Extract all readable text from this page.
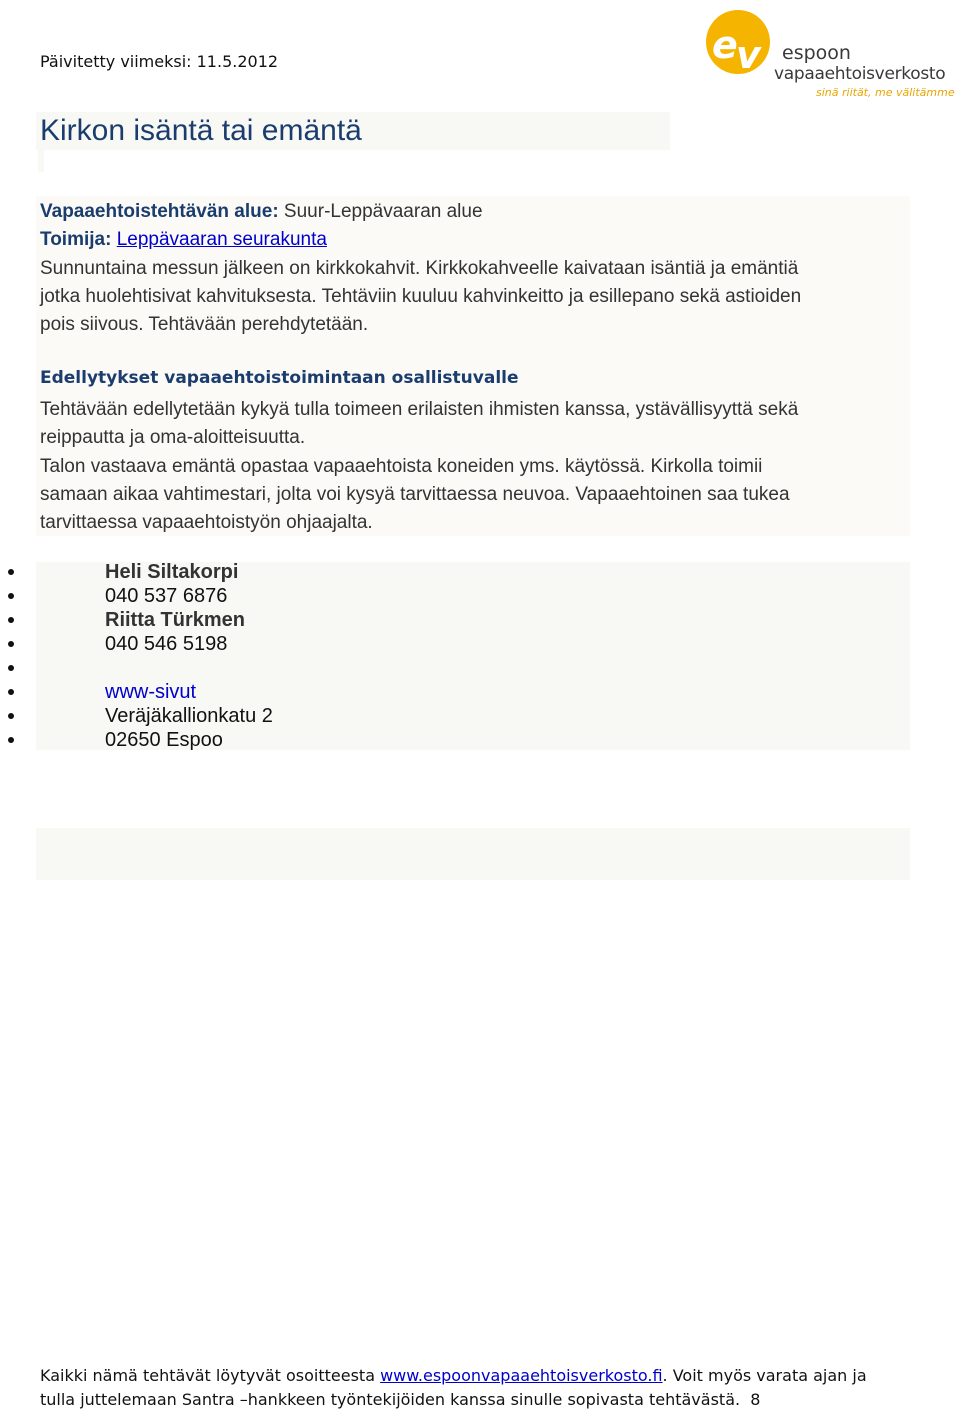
Päivitetty viimeksi: 11.5.2012	e
v espoon
vapaaehtoisverkosto
sinä riität, me välitämme
Kirkon isäntä tai emäntä
Vapaaehtoistehtävän alue: Suur-Leppävaaran alue
Toimija: Leppävaaran seurakunta
Sunnuntaina messun jälkeen on kirkkokahvit. Kirkkokahveelle kaivataan isäntiä ja emäntiä
jotka huolehtisivat kahvituksesta. Tehtäviin kuuluu kahvinkeitto ja esillepano sekä astioiden
pois siivous. Tehtävään perehdytetään.
Edellytykset vapaaehtoistoimintaan osallistuvalle
Tehtävään edellytetään kykyä tulla toimeen erilaisten ihmisten kanssa, ystävällisyyttä sekä
reippautta ja oma-aloitteisuutta.
Talon vastaava emäntä opastaa vapaaehtoista koneiden yms. käytössä. Kirkolla toimii
samaan aikaa vahtimestari, jolta voi kysyä tarvittaessa neuvoa. Vapaaehtoinen saa tukea
tarvittaessa vapaaehtoistyön ohjaajalta.
Heli Siltakorpi
040 537 6876
Riitta Türkmen
040 546 5198
www-sivut
Veräjäkallionkatu 2
02650 Espoo
Kaikki nämä tehtävät löytyvät osoitteesta www.espoonvapaaehtoisverkosto.fi. Voit myös varata ajan ja
tulla juttelemaan Santra –hankkeen työntekijöiden kanssa sinulle sopivasta tehtävästä. 8
